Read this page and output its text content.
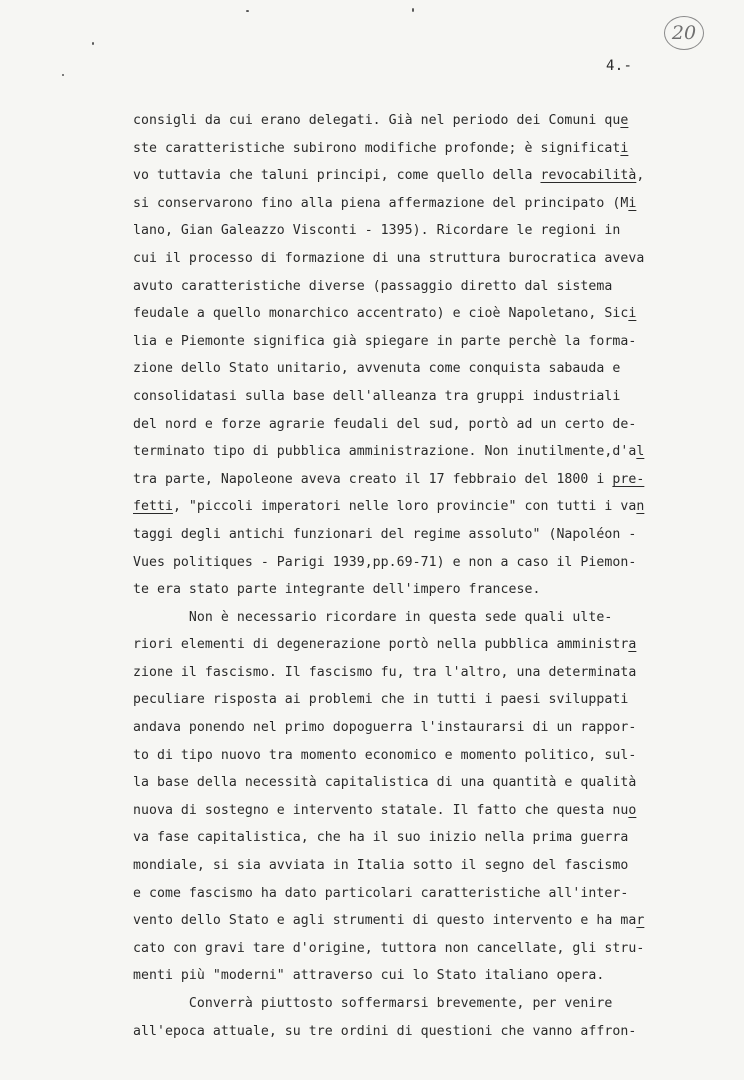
20
4.-
consigli da cui erano delegati. Già nel periodo dei Comuni que
ste caratteristiche subirono modifiche profonde; è significati
vo tuttavia che taluni principi, come quello della revocabilità,
si conservarono fino alla piena affermazione del principato (Mi
lano, Gian Galeazzo Visconti - 1395). Ricordare le regioni in
cui il processo di formazione di una struttura burocratica aveva
avuto caratteristiche diverse (passaggio diretto dal sistema
feudale a quello monarchico accentrato) e cioè Napoletano, Sici
lia e Piemonte significa già spiegare in parte perchè la forma-
zione dello Stato unitario, avvenuta come conquista sabauda e
consolidatasi sulla base dell'alleanza tra gruppi industriali
del nord e forze agrarie feudali del sud, portò ad un certo de-
terminato tipo di pubblica amministrazione. Non inutilmente,d'al
tra parte, Napoleone aveva creato il 17 febbraio del 1800 i pre-
fetti, "piccoli imperatori nelle loro provincie" con tutti i van
taggi degli antichi funzionari del regime assoluto" (Napoléon -
Vues politiques - Parigi 1939,pp.69-71) e non a caso il Piemon-
te era stato parte integrante dell'impero francese.
Non è necessario ricordare in questa sede quali ulte-
riori elementi di degenerazione portò nella pubblica amministra
zione il fascismo. Il fascismo fu, tra l'altro, una determinata
peculiare risposta ai problemi che in tutti i paesi sviluppati
andava ponendo nel primo dopoguerra l'instaurarsi di un rappor-
to di tipo nuovo tra momento economico e momento politico, sul-
la base della necessità capitalistica di una quantità e qualità
nuova di sostegno e intervento statale. Il fatto che questa nuo
va fase capitalistica, che ha il suo inizio nella prima guerra
mondiale, si sia avviata in Italia sotto il segno del fascismo
e come fascismo ha dato particolari caratteristiche all'inter-
vento dello Stato e agli strumenti di questo intervento e ha mar
cato con gravi tare d'origine, tuttora non cancellate, gli stru-
menti più "moderni" attraverso cui lo Stato italiano opera.
Converrà piuttosto soffermarsi brevemente, per venire
all'epoca attuale, su tre ordini di questioni che vanno affron-
